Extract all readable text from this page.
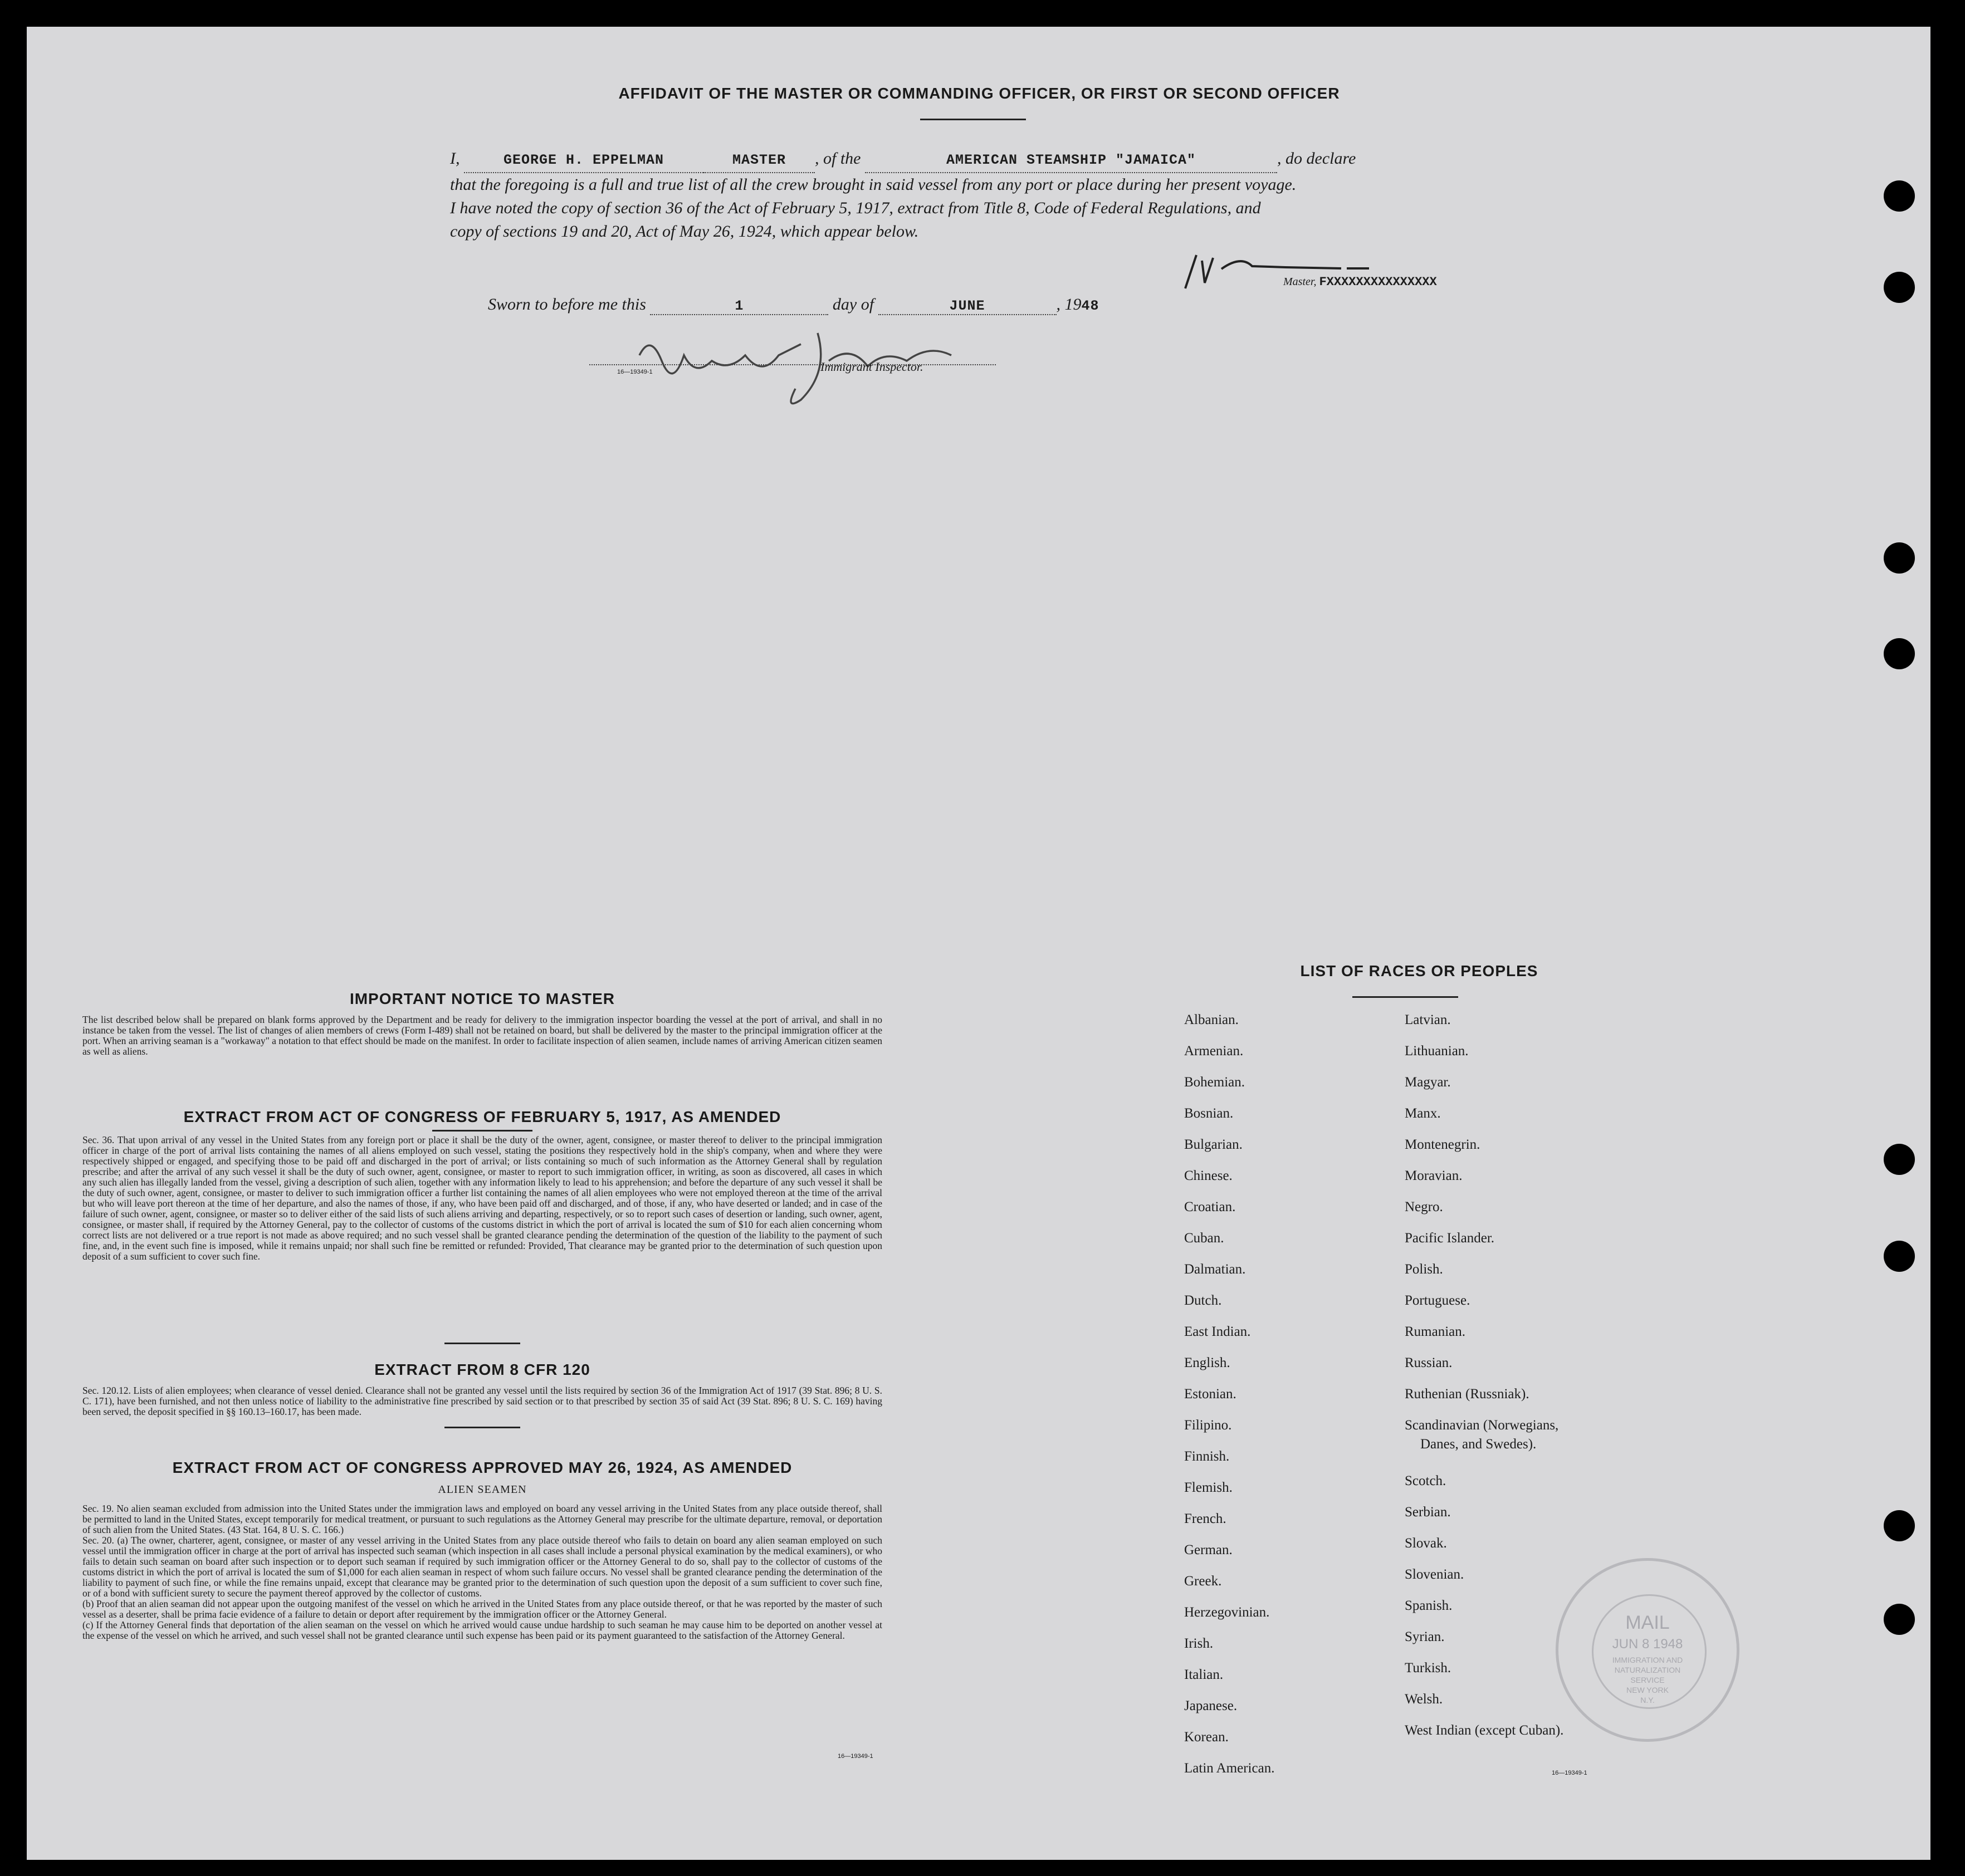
AFFIDAVIT OF THE MASTER OR COMMANDING OFFICER, OR FIRST OR SECOND OFFICER
I,	GEORGE H. EPPELMAN	MASTER , of the	AMERICAN STEAMSHIP "JAMAICA"	, do declare
that the foregoing is a full and true list of all the crew brought in said vessel from any port or place during her present voyage.
I have noted the copy of section 36 of the Act of February 5, 1917, extract from Title 8, Code of Federal Regulations, and
copy of sections 19 and 20, Act of May 26, 1924, which appear below.
Master, FXXXXXXXXXXXXXXX
Sworn to before me this	1	day of	JUNE	, 1948
16—19349-1	Immigrant Inspector.
IMPORTANT NOTICE TO MASTER
The list described below shall be prepared on blank forms approved by the Department and be ready for delivery to the immigration inspector boarding the vessel at the port of arrival, and shall in no instance be taken from the vessel. The list of changes of alien members of crews (Form I-489) shall not be retained on board, but shall be delivered by the master to the principal immigration officer at the port. When an arriving seaman is a "workaway" a notation to that effect should be made on the manifest. In order to facilitate inspection of alien seamen, include names of arriving American citizen seamen as well as aliens.
EXTRACT FROM ACT OF CONGRESS OF FEBRUARY 5, 1917, AS AMENDED
Sec. 36. That upon arrival of any vessel in the United States from any foreign port or place it shall be the duty of the owner, agent, consignee, or master thereof to deliver to the principal immigration officer in charge of the port of arrival lists containing the names of all aliens employed on such vessel, stating the positions they respectively hold in the ship's company, when and where they were respectively shipped or engaged, and specifying those to be paid off and discharged in the port of arrival; or lists containing so much of such information as the Attorney General shall by regulation prescribe; and after the arrival of any such vessel it shall be the duty of such owner, agent, consignee, or master to report to such immigration officer, in writing, as soon as discovered, all cases in which any such alien has illegally landed from the vessel, giving a description of such alien, together with any information likely to lead to his apprehension; and before the departure of any such vessel it shall be the duty of such owner, agent, consignee, or master to deliver to such immigration officer a further list containing the names of all alien employees who were not employed thereon at the time of the arrival but who will leave port thereon at the time of her departure, and also the names of those, if any, who have been paid off and discharged, and of those, if any, who have deserted or landed; and in case of the failure of such owner, agent, consignee, or master so to deliver either of the said lists of such aliens arriving and departing, respectively, or so to report such cases of desertion or landing, such owner, agent, consignee, or master shall, if required by the Attorney General, pay to the collector of customs of the customs district in which the port of arrival is located the sum of $10 for each alien concerning whom correct lists are not delivered or a true report is not made as above required; and no such vessel shall be granted clearance pending the determination of the question of the liability to the payment of such fine, and, in the event such fine is imposed, while it remains unpaid; nor shall such fine be remitted or refunded: Provided, That clearance may be granted prior to the determination of such question upon deposit of a sum sufficient to cover such fine.
EXTRACT FROM 8 CFR 120
Sec. 120.12. Lists of alien employees; when clearance of vessel denied. Clearance shall not be granted any vessel until the lists required by section 36 of the Immigration Act of 1917 (39 Stat. 896; 8 U. S. C. 171), have been furnished, and not then unless notice of liability to the administrative fine prescribed by said section or to that prescribed by section 35 of said Act (39 Stat. 896; 8 U. S. C. 169) having been served, the deposit specified in §§ 160.13–160.17, has been made.
EXTRACT FROM ACT OF CONGRESS APPROVED MAY 26, 1924, AS AMENDED
ALIEN SEAMEN
Sec. 19. No alien seaman excluded from admission into the United States under the immigration laws and employed on board any vessel arriving in the United States from any place outside thereof, shall be permitted to land in the United States, except temporarily for medical treatment, or pursuant to such regulations as the Attorney General may prescribe for the ultimate departure, removal, or deportation of such alien from the United States. (43 Stat. 164, 8 U. S. C. 166.)
Sec. 20. (a) The owner, charterer, agent, consignee, or master of any vessel arriving in the United States from any place outside thereof who fails to detain on board any alien seaman employed on such vessel until the immigration officer in charge at the port of arrival has inspected such seaman (which inspection in all cases shall include a personal physical examination by the medical examiners), or who fails to detain such seaman on board after such inspection or to deport such seaman if required by such immigration officer or the Attorney General to do so, shall pay to the collector of customs of the customs district in which the port of arrival is located the sum of $1,000 for each alien seaman in respect of whom such failure occurs. No vessel shall be granted clearance pending the determination of the liability to payment of such fine, or while the fine remains unpaid, except that clearance may be granted prior to the determination of such question upon the deposit of a sum sufficient to cover such fine, or of a bond with sufficient surety to secure the payment thereof approved by the collector of customs.
(b) Proof that an alien seaman did not appear upon the outgoing manifest of the vessel on which he arrived in the United States from any place outside thereof, or that he was reported by the master of such vessel as a deserter, shall be prima facie evidence of a failure to detain or deport after requirement by the immigration officer or the Attorney General.
(c) If the Attorney General finds that deportation of the alien seaman on the vessel on which he arrived would cause undue hardship to such seaman he may cause him to be deported on another vessel at the expense of the vessel on which he arrived, and such vessel shall not be granted clearance until such expense has been paid or its payment guaranteed to the satisfaction of the Attorney General.
16—19349-1
LIST OF RACES OR PEOPLES
Albanian.
Armenian.
Bohemian.
Bosnian.
Bulgarian.
Chinese.
Croatian.
Cuban.
Dalmatian.
Dutch.
East Indian.
English.
Estonian.
Filipino.
Finnish.
Flemish.
French.
German.
Greek.
Herzegovinian.
Irish.
Italian.
Japanese.
Korean.
Latin American.
Latvian.
Lithuanian.
Magyar.
Manx.
Montenegrin.
Moravian.
Negro.
Pacific Islander.
Polish.
Portuguese.
Rumanian.
Russian.
Ruthenian (Russniak).
Scandinavian (Norwegians,
Danes, and Swedes).
Scotch.
Serbian.
Slovak.
Slovenian.
Spanish.
Syrian.
Turkish.
Welsh.
West Indian (except Cuban).
16—19349-1
MAIL
JUN 8 1948
IMMIGRATION AND
NATURALIZATION
SERVICE
NEW YORK
N.Y.
